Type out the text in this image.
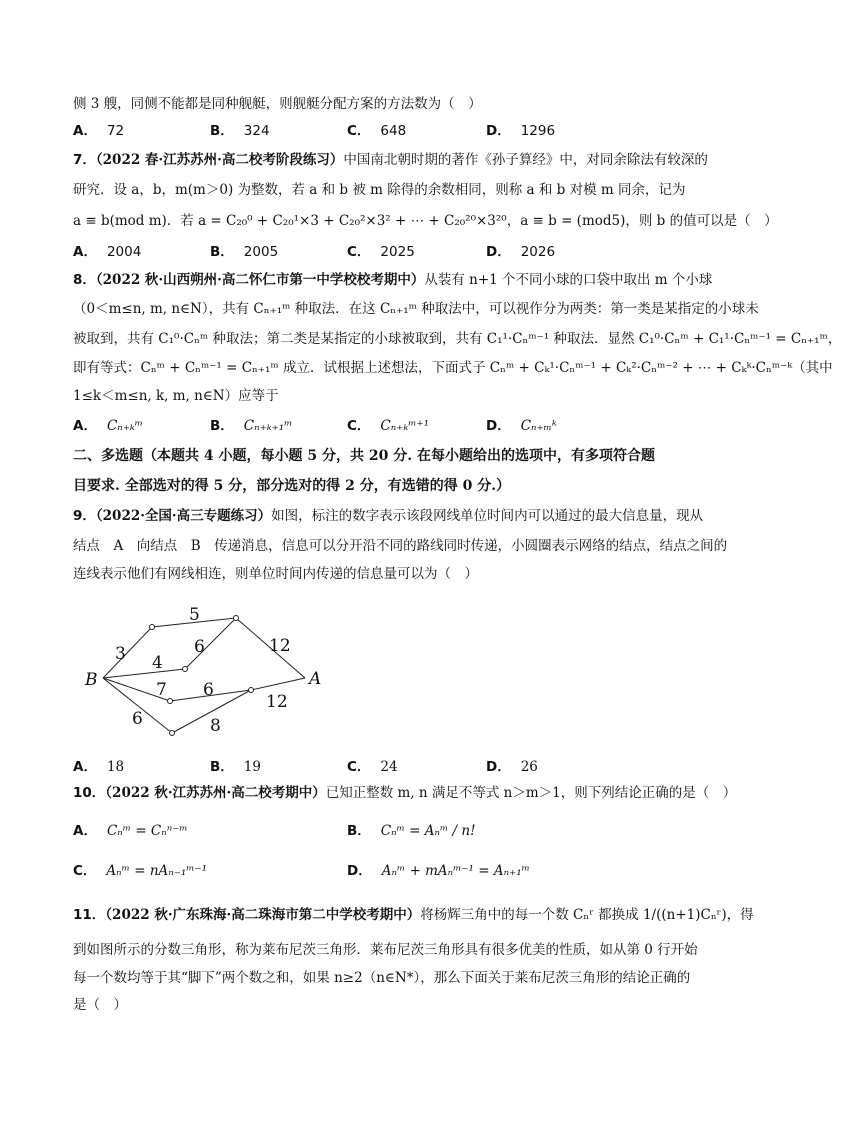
侧 3 艘，同侧不能都是同种舰艇，则舰艇分配方案的方法数为（　）
A． 72	B． 324	C． 648	D． 1296
7．（2022 春·江苏苏州·高二校考阶段练习）中国南北朝时期的著作《孙子算经》中，对同余除法有较深的
研究．设 a，b，m(m＞0) 为整数，若 a 和 b 被 m 除得的余数相同，则称 a 和 b 对模 m 同余，记为
a ≡ b(mod m)．若 a = C₂₀⁰ + C₂₀¹×3 + C₂₀²×3² + ⋯ + C₂₀²⁰×3²⁰，a ≡ b = (mod5)，则 b 的值可以是（　）
A． 2004	B． 2005	C． 2025	D． 2026
8．（2022 秋·山西朔州·高二怀仁市第一中学校校考期中）从装有 n+1 个不同小球的口袋中取出 m 个小球
（0＜m≤n, m, n∈N），共有 Cₙ₊₁ᵐ 种取法．在这 Cₙ₊₁ᵐ 种取法中，可以视作分为两类：第一类是某指定的小球未
被取到，共有 C₁⁰·Cₙᵐ 种取法；第二类是某指定的小球被取到，共有 C₁¹·Cₙᵐ⁻¹ 种取法．显然 C₁⁰·Cₙᵐ + C₁¹·Cₙᵐ⁻¹ = Cₙ₊₁ᵐ，
即有等式：Cₙᵐ + Cₙᵐ⁻¹ = Cₙ₊₁ᵐ 成立．试根据上述想法，下面式子 Cₙᵐ + Cₖ¹·Cₙᵐ⁻¹ + Cₖ²·Cₙᵐ⁻² + ⋯ + Cₖᵏ·Cₙᵐ⁻ᵏ（其中
1≤k＜m≤n, k, m, n∈N）应等于
A． Cₙ₊ₖᵐ	B． Cₙ₊ₖ₊₁ᵐ	C． Cₙ₊ₖᵐ⁺¹	D． Cₙ₊ₘᵏ
二、多选题（本题共 4 小题，每小题 5 分，共 20 分. 在每小题给出的选项中，有多项符合题
目要求. 全部选对的得 5 分，部分选对的得 2 分，有选错的得 0 分.）
9．（2022·全国·高三专题练习）如图，标注的数字表示该段网线单位时间内可以通过的最大信息量，现从
结点　A　向结点　B　传递消息，信息可以分开沿不同的路线同时传递，小圆圈表示网络的结点，结点之间的
连线表示他们有网线相连，则单位时间内传递的信息量可以为（　）
B	A
5
3	6	12
4
7 6
12
6	8
A． 18	B． 19	C． 24	D． 26
10．（2022 秋·江苏苏州·高二校考期中）已知正整数 m, n 满足不等式 n＞m＞1，则下列结论正确的是（　）
A． Cₙᵐ = Cₙⁿ⁻ᵐ	B． Cₙᵐ = Aₙᵐ / n!
C． Aₙᵐ = nAₙ₋₁ᵐ⁻¹	D． Aₙᵐ + mAₙᵐ⁻¹ = Aₙ₊₁ᵐ
11．（2022 秋·广东珠海·高二珠海市第二中学校考期中）将杨辉三角中的每一个数 Cₙʳ 都换成 1/((n+1)Cₙʳ)，得
到如图所示的分数三角形，称为莱布尼茨三角形．莱布尼茨三角形具有很多优美的性质，如从第 0 行开始
每一个数均等于其“脚下”两个数之和，如果 n≥2（n∈N*），那么下面关于莱布尼茨三角形的结论正确的
是（　）
